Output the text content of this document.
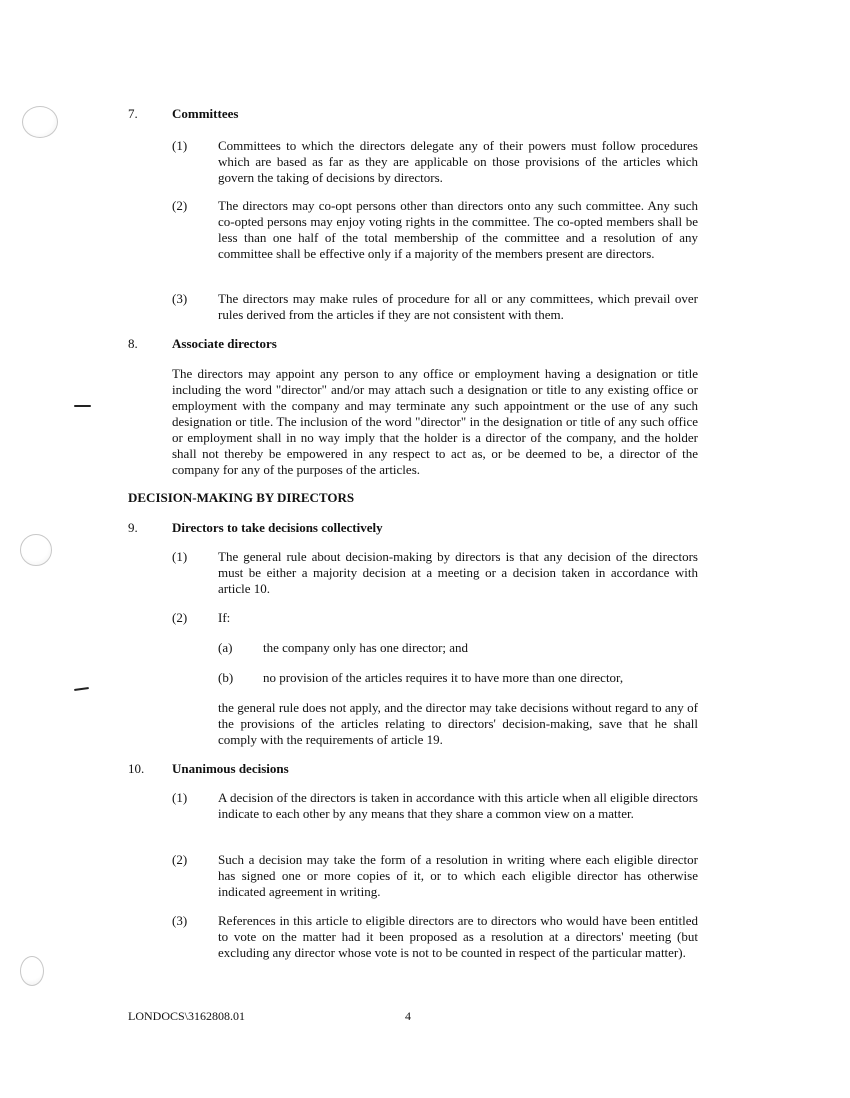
7.	Committees
(1) Committees to which the directors delegate any of their powers must follow procedures which are based as far as they are applicable on those provisions of the articles which govern the taking of decisions by directors.
(2) The directors may co-opt persons other than directors onto any such committee. Any such co-opted persons may enjoy voting rights in the committee. The co-opted members shall be less than one half of the total membership of the committee and a resolution of any committee shall be effective only if a majority of the members present are directors.
(3) The directors may make rules of procedure for all or any committees, which prevail over rules derived from the articles if they are not consistent with them.
8.	Associate directors
The directors may appoint any person to any office or employment having a designation or title including the word "director" and/or may attach such a designation or title to any existing office or employment with the company and may terminate any such appointment or the use of any such designation or title. The inclusion of the word "director" in the designation or title of any such office or employment shall in no way imply that the holder is a director of the company, and the holder shall not thereby be empowered in any respect to act as, or be deemed to be, a director of the company for any of the purposes of the articles.
DECISION-MAKING BY DIRECTORS
9.	Directors to take decisions collectively
(1) The general rule about decision-making by directors is that any decision of the directors must be either a majority decision at a meeting or a decision taken in accordance with article 10.
(2) If:
(a) the company only has one director; and
(b) no provision of the articles requires it to have more than one director,
the general rule does not apply, and the director may take decisions without regard to any of the provisions of the articles relating to directors' decision-making, save that he shall comply with the requirements of article 19.
10. Unanimous decisions
(1) A decision of the directors is taken in accordance with this article when all eligible directors indicate to each other by any means that they share a common view on a matter.
(2) Such a decision may take the form of a resolution in writing where each eligible director has signed one or more copies of it, or to which each eligible director has otherwise indicated agreement in writing.
(3) References in this article to eligible directors are to directors who would have been entitled to vote on the matter had it been proposed as a resolution at a directors' meeting (but excluding any director whose vote is not to be counted in respect of the particular matter).
LONDOCS\3162808.01	4
